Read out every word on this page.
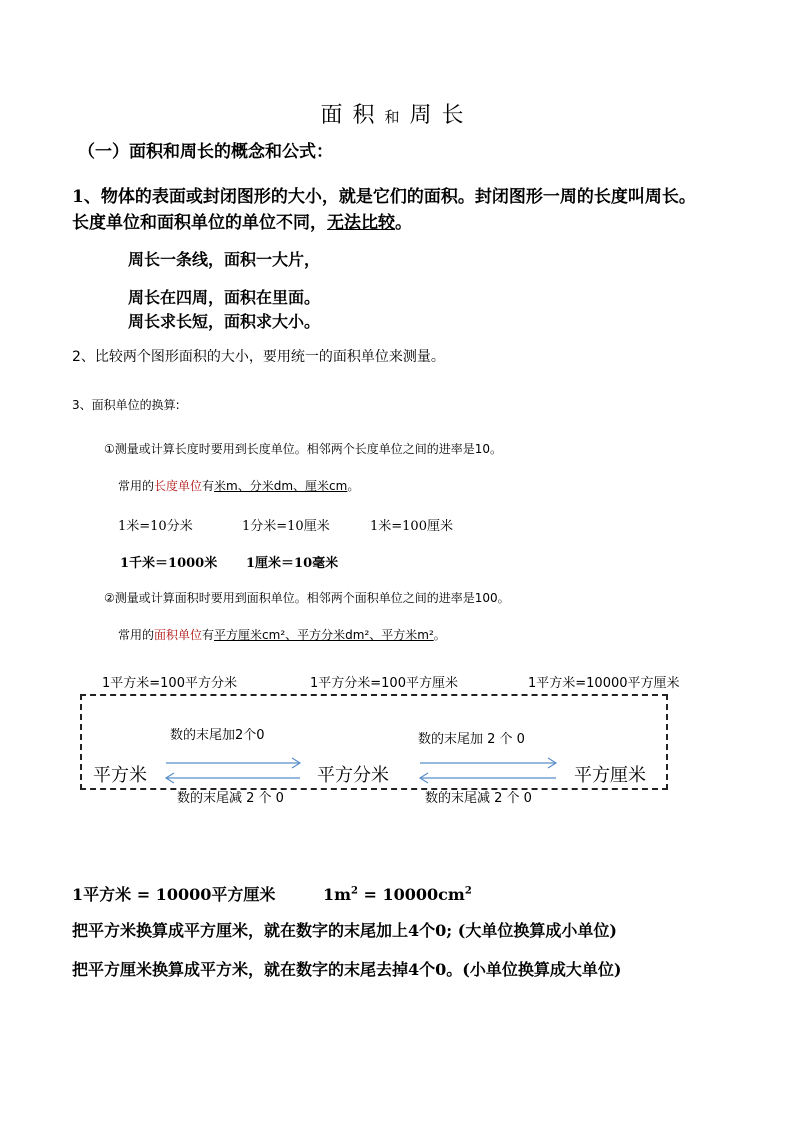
面积和周长
（一）面积和周长的概念和公式：
1、物体的表面或封闭图形的大小，就是它们的面积。封闭图形一周的长度叫周长。
长度单位和面积单位的单位不同，无法比较。
周长一条线，面积一大片，
周长在四周，面积在里面。
周长求长短，面积求大小。
2、比较两个图形面积的大小，要用统一的面积单位来测量。
3、面积单位的换算:
①测量或计算长度时要用到长度单位。相邻两个长度单位之间的进率是10。
常用的长度单位有米m、分米dm、厘米cm。
1米=10分米	1分米=10厘米	1米=100厘米
1千米＝1000米 1厘米＝10毫米
②测量或计算面积时要用到面积单位。相邻两个面积单位之间的进率是100。
常用的面积单位有平方厘米cm²、平方分米dm²、平方米m²。
1平方米=100平方分米	1平方分米=100平方厘米	1平方米=10000平方厘米
数的末尾加2个0	数的末尾加 2 个 0
平方米	平方分米	平方厘米
数的末尾减 2 个 0	数的末尾减 2 个 0
1平方米 = 10000平方厘米	$1m^2 = 10000cm^2$
把平方米换算成平方厘米，就在数字的末尾加上4个0; (大单位换算成小单位)
把平方厘米换算成平方米，就在数字的末尾去掉4个0。(小单位换算成大单位)
